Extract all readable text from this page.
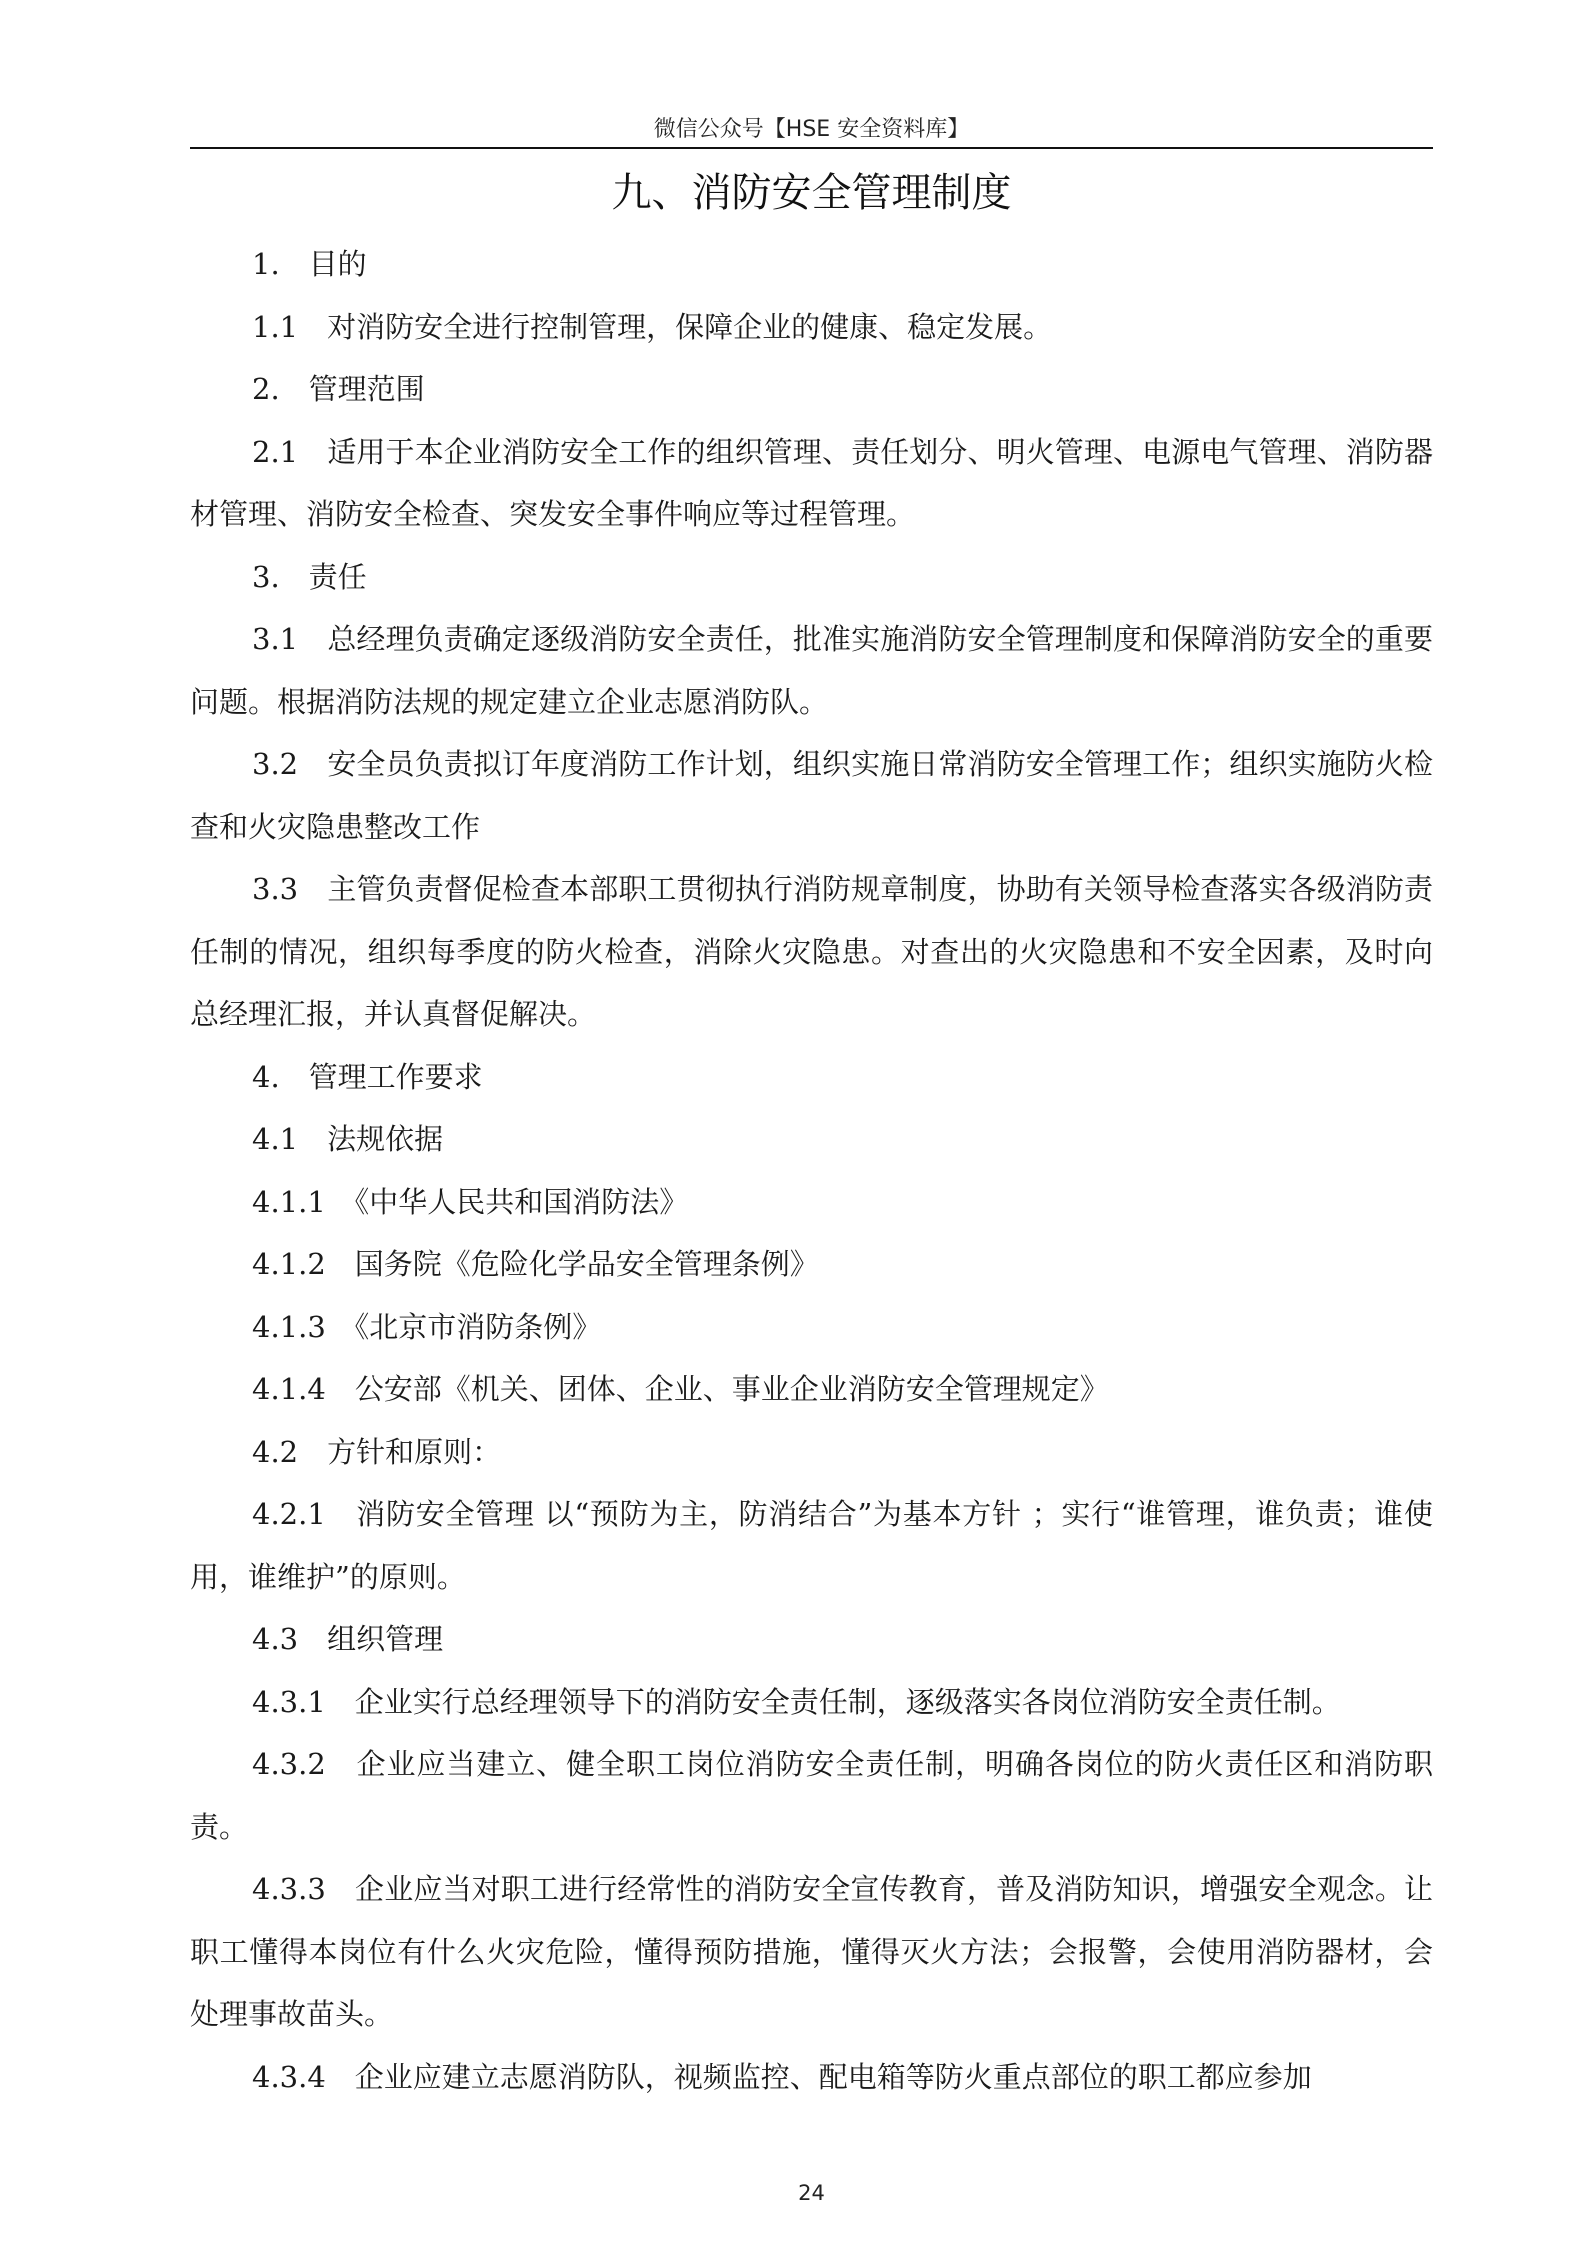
微信公众号【HSE 安全资料库】
九、消防安全管理制度

1.　目的

1.1　对消防安全进行控制管理，保障企业的健康、稳定发展。

2.　管理范围

2.1　适用于本企业消防安全工作的组织管理、责任划分、明火管理、电源电气管理、消防器材管理、消防安全检查、突发安全事件响应等过程管理。

3.　责任

3.1　总经理负责确定逐级消防安全责任，批准实施消防安全管理制度和保障消防安全的重要问题。根据消防法规的规定建立企业志愿消防队。

3.2　安全员负责拟订年度消防工作计划，组织实施日常消防安全管理工作；组织实施防火检查和火灾隐患整改工作

3.3　主管负责督促检查本部职工贯彻执行消防规章制度，协助有关领导检查落实各级消防责任制的情况，组织每季度的防火检查，消除火灾隐患。对查出的火灾隐患和不安全因素，及时向总经理汇报，并认真督促解决。

4.　管理工作要求

4.1　法规依据

4.1.1　《中华人民共和国消防法》

4.1.2　国务院《危险化学品安全管理条例》

4.1.3　《北京市消防条例》

4.1.4　公安部《机关、团体、企业、事业企业消防安全管理规定》

4.2　方针和原则：

4.2.1　消防安全管理 以“预防为主，防消结合”为基本方针 ；实行“谁管理，谁负责；谁使用，谁维护”的原则。

4.3　组织管理

4.3.1　企业实行总经理领导下的消防安全责任制，逐级落实各岗位消防安全责任制。

4.3.2　企业应当建立、健全职工岗位消防安全责任制，明确各岗位的防火责任区和消防职责。

4.3.3　企业应当对职工进行经常性的消防安全宣传教育，普及消防知识，增强安全观念。让职工懂得本岗位有什么火灾危险，懂得预防措施，懂得灭火方法；会报警，会使用消防器材，会处理事故苗头。

4.3.4　企业应建立志愿消防队，视频监控、配电箱等防火重点部位的职工都应参加

24
